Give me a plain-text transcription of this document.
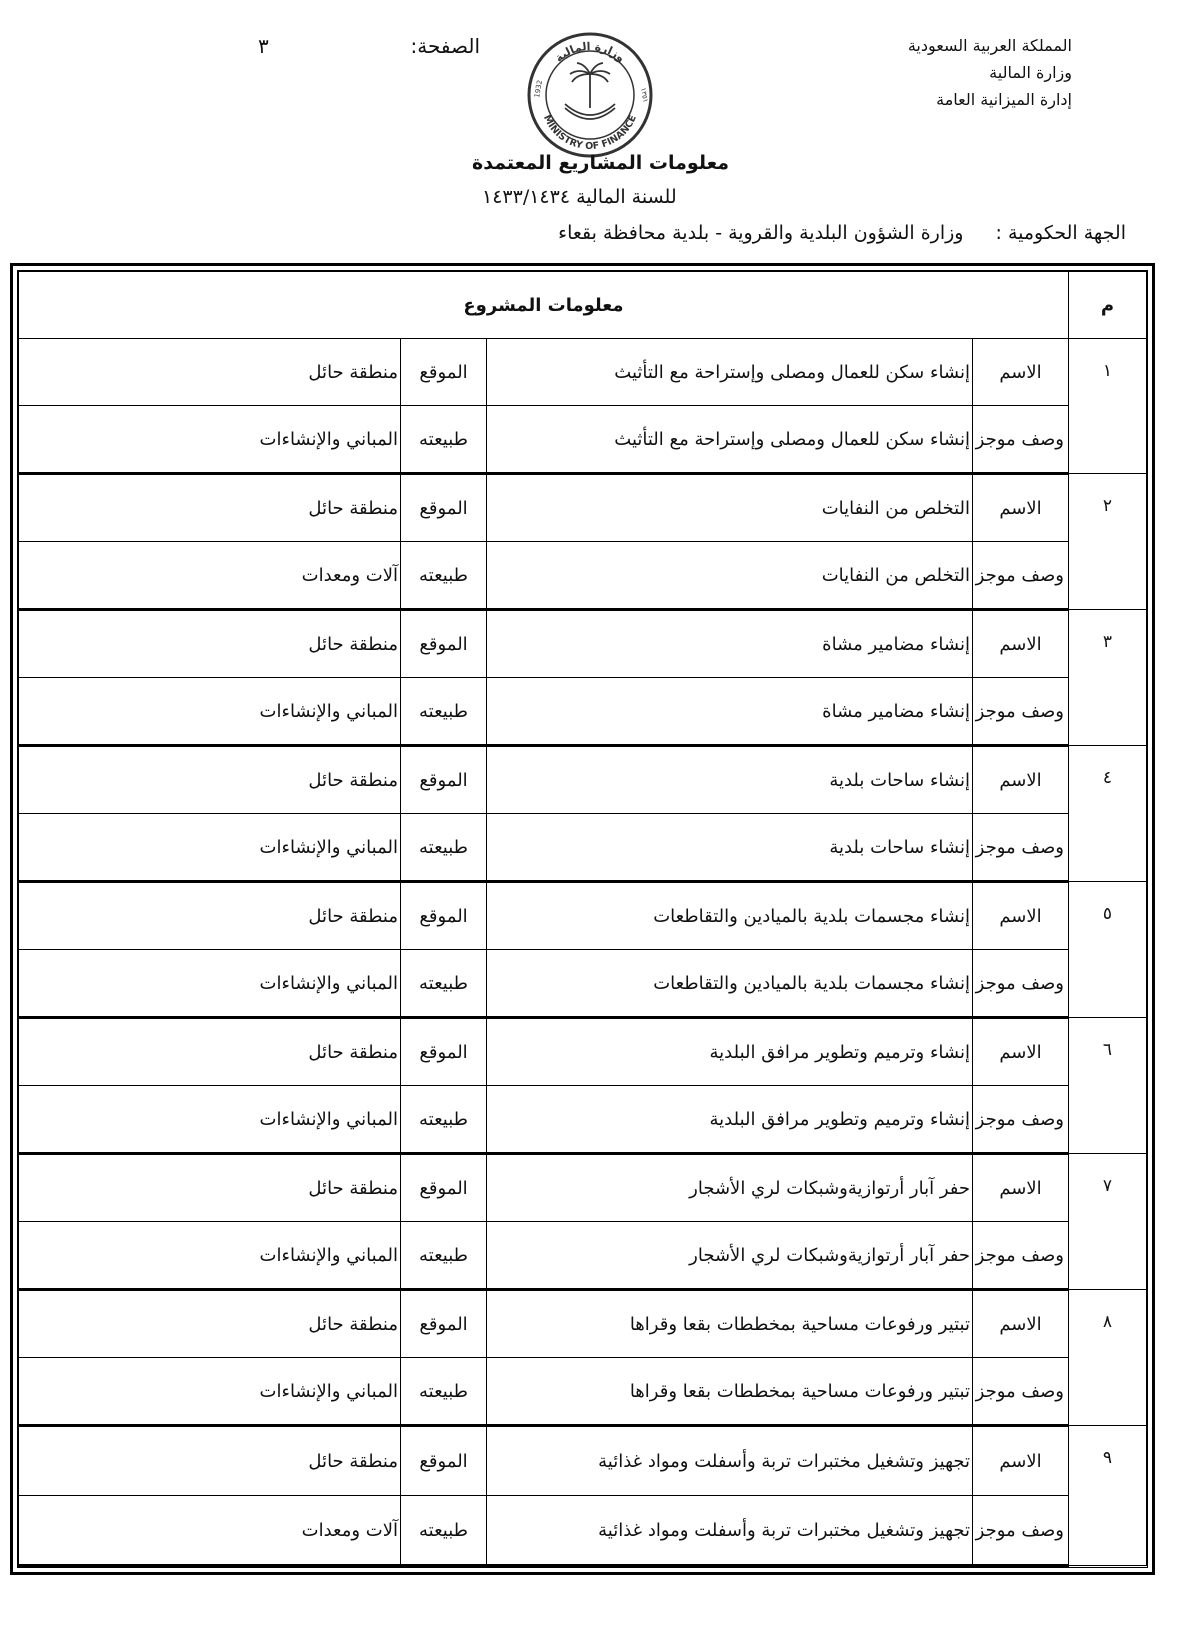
المملكة العربية السعودية
وزارة المالية
إدارة الميزانية العامة
الصفحة:
٣	وزارة المالية
MINISTRY OF FINANCE
1932	١٣٥١
معلومات المشاريع المعتمدة
للسنة المالية ١٤٣٣/١٤٣٤
الجهة الحكومية : وزارة الشؤون البلدية والقروية - بلدية محافظة بقعاء
م	معلومات المشروع			
١	الاسم	إنشاء سكن للعمال ومصلى وإستراحة مع التأثيث	الموقع	منطقة حائل
	وصف موجز	إنشاء سكن للعمال ومصلى وإستراحة مع التأثيث	طبيعته	المباني والإنشاءات
٢	الاسم	التخلص من النفايات	الموقع	منطقة حائل
	وصف موجز	التخلص من النفايات	طبيعته	آلات ومعدات
٣	الاسم	إنشاء مضامير مشاة	الموقع	منطقة حائل
	وصف موجز	إنشاء مضامير مشاة	طبيعته	المباني والإنشاءات
٤	الاسم	إنشاء ساحات بلدية	الموقع	منطقة حائل
	وصف موجز	إنشاء ساحات بلدية	طبيعته	المباني والإنشاءات
٥	الاسم	إنشاء مجسمات بلدية بالميادين والتقاطعات	الموقع	منطقة حائل
	وصف موجز	إنشاء مجسمات بلدية بالميادين والتقاطعات	طبيعته	المباني والإنشاءات
٦	الاسم	إنشاء وترميم وتطوير مرافق البلدية	الموقع	منطقة حائل
	وصف موجز	إنشاء وترميم وتطوير مرافق البلدية	طبيعته	المباني والإنشاءات
٧	الاسم	حفر آبار أرتوازيةوشبكات لري الأشجار	الموقع	منطقة حائل
	وصف موجز	حفر آبار أرتوازيةوشبكات لري الأشجار	طبيعته	المباني والإنشاءات
٨	الاسم	تبتير ورفوعات مساحية بمخططات بقعا وقراها	الموقع	منطقة حائل
	وصف موجز	تبتير ورفوعات مساحية بمخططات بقعا وقراها	طبيعته	المباني والإنشاءات
٩	الاسم	تجهيز وتشغيل مختبرات تربة وأسفلت ومواد غذائية	الموقع	منطقة حائل
	وصف موجز	تجهيز وتشغيل مختبرات تربة وأسفلت ومواد غذائية	طبيعته	آلات ومعدات
